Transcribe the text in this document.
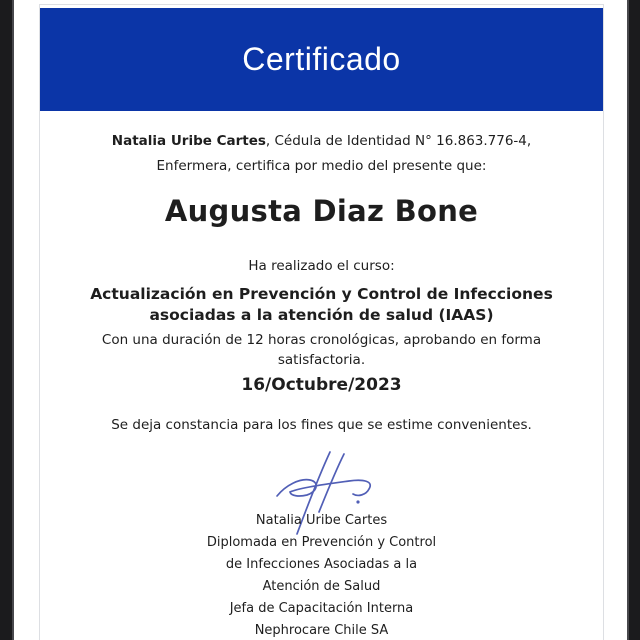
Certificado
Natalia Uribe Cartes, Cédula de Identidad N° 16.863.776-4,
Enfermera, certifica por medio del presente que:
Augusta Diaz Bone
Ha realizado el curso:
Actualización en Prevención y Control de Infecciones
asociadas a la atención de salud (IAAS)
Con una duración de 12 horas cronológicas, aprobando en forma
satisfactoria.
16/Octubre/2023
Se deja constancia para los fines que se estime convenientes.
Natalia Uribe Cartes
Diplomada en Prevención y Control
de Infecciones Asociadas a la
Atención de Salud
Jefa de Capacitación Interna
Nephrocare Chile SA
